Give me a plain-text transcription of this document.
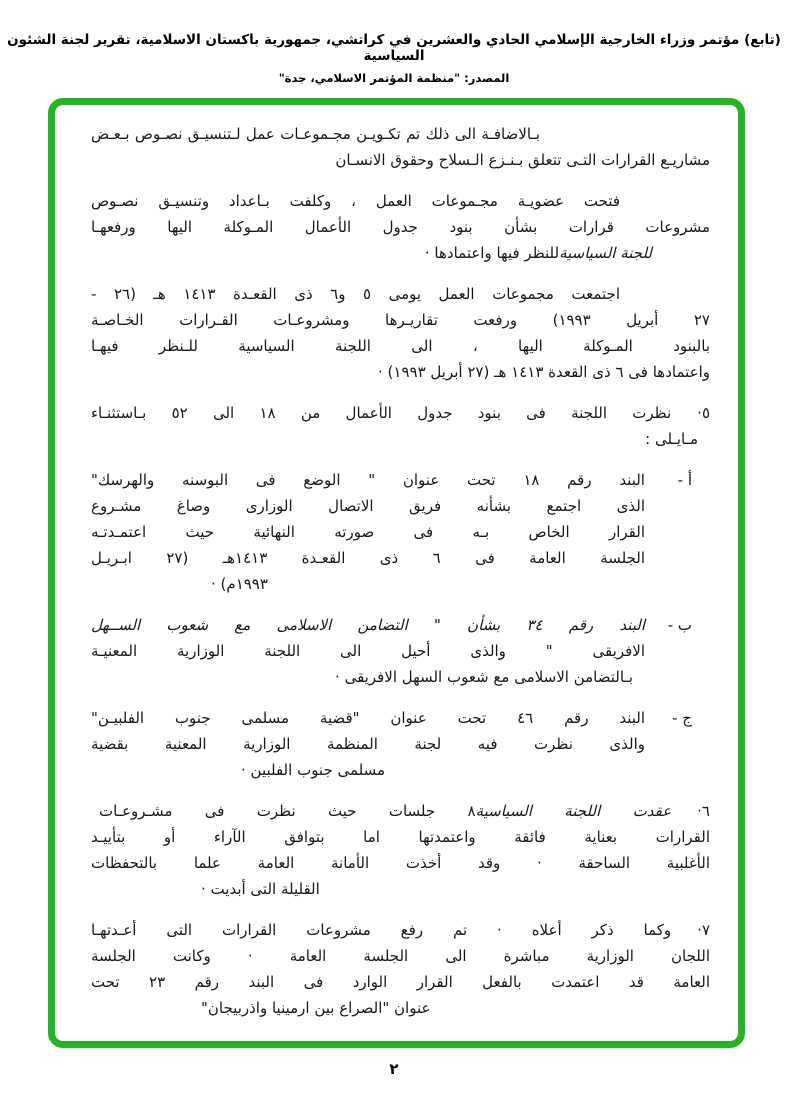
(تابع) مؤتمر وزراء الخارجية الإسلامي الحادي والعشرين في كراتشي، جمهورية باكستان الاسلامية، تقرير لجنة الشئون السياسية
المصدر: "منظمة المؤتمر الاسلامي، جدة"
بـالاضافـة الى ذلك تم تكـويـن مجـموعـات عمل لـتنسيـق نصـوص بـعـض
مشاريـع القرارات التـى تتعلق بـنـزع الـسلاح وحقوق الانسـان
فتحت عضويـة مجـموعات العمل ، وكلفت بـاعداد وتنسيـق نصـوص
مشروعات قرارات بشأن بنود جدول الأعمال المـوكلة اليها ورفعهـا
للجنة السياسيةللنظر فيها واعتمادها ·
اجتمعت مجموعات العمل يومى ٥ و٦ ذى القعـدة ١٤١٣ هـ (٢٦ -
٢٧ أبريل ١٩٩٣) ورفعت تقاريـرها ومشروعـات القـرارات الخـاصـة
بالبنود المـوكلة اليها ، الى اللجنة السياسية للـنظر فيهـا
واعتمادها فى ٦ ذى القعدة ١٤١٣ هـ (٢٧ أبريل ١٩٩٣) ·
٥·نظرت اللجنة فى بنود جدول الأعمال من ١٨ الى ٥٢ بـاستثنـاء
مـايـلى :
أ -
البند رقم ١٨ تحت عنوان " الوضع فى البوسنه والهرسك"
الذى اجتمع بشأنه فريق الاتصال الوزارى وصاغ مشـروع
القرار الخاص بـه فى صورته النهائية حيث اعتمـدتـه
الجلسة العامة فى ٦ ذى القعـدة ١٤١٣هـ (٢٧ ابـريـل
١٩٩٣م) ·
ب -
البند رقم ٣٤ بشأن " التضامن الاسلامى مع شعوب الســهل
الافريقى " والذى أحيل الى اللجنة الوزارية المعنيـة
بـالتضامن الاسلامى مع شعوب السهل الافريقى ·
ج -
البند رقم ٤٦ تحت عنوان "قضية مسلمى جنوب الفلبيـن"
والذى نظرت فيه لجنة المنظمة الوزارية المعنية بقضية
مسلمى جنوب الفلبين ·
٦·عقدت اللجنة السياسية٨ جلسات حيث نظرت فى مشـروعـات
القرارات بعناية فائقة واعتمدتها اما بتوافق الآراء أو بتأييـد
الأغلبية الساحقة · وقد أخذت الأمانة العامة علما بالتحفظات
القليلة التى أبديت ·
٧·وكما ذكر أعلاه · تم رفع مشروعات القرارات التى أعـدتهـا
اللجان الوزارية مباشرة الى الجلسة العامة · وكانت الجلسة
العامة قد اعتمدت بالفعل القرار الوارد فى البند رقم ٢٣ تحت
عنوان "الصراع بين ارمينيا واذربيجان"
٢
